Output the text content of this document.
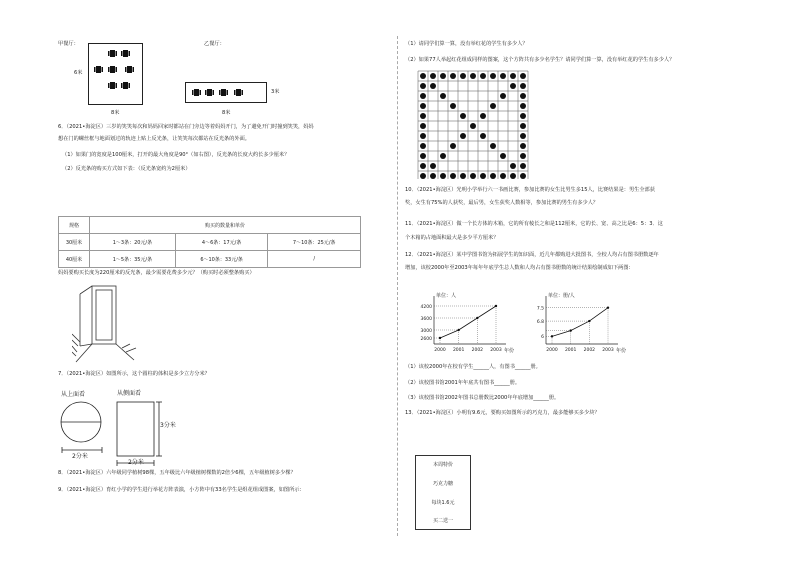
甲餐厅：	乙餐厅：
6米
8米
3米
8米
6．（2021•海淀区）三岁的笑笑每次和妈妈回家时都站在门旁边等着妈妈开门，为了避免开门时撞到笑笑，妈妈
想在门的螺丝框与地面划过的轨迹上贴上反光条，让笑笑每次都站在反光条的外面。
（1）如果门的宽度是100厘米，打开的最大角度是90°（如右图），反光条的长度大约长多少厘米？
（2）反光条的购买方式如下表：（反光条宽约为2厘米）
规格	购买的数量和单价		
30厘米	1～3条：20元/条	4～6条：17元/条	7～10条：25元/条
40厘米	1～5条：35元/条	6～10条：33元/条	/
妈妈要购买长度为220厘米的反光条，最少需要花费多少元？（购买时必须整条购买）
7．（2021•海淀区）如图所示，这个圆柱的体积是多少立方分米？
从上面看	从侧面看
3分米
2分米
2分米
8．（2021•海淀区）六年级同学植树98棵，五年级比六年级植树棵数的2倍少6棵，五年级植树多少棵？
9．（2021•海淀区）育红小学的学生进行举花方阵表演，小方阵中有33名学生是组花组成图案，如图所示：
（1）请同学们算一算，没有举红花的学生有多少人？
（2）如果77人举起红花组成同样的图案，这个方阵共有多少名学生？请同学们算一算，没有举红花的学生有多少人？
10．（2021•海淀区）光明小学举行六一书画比赛，参加比赛的女生比男生多15人，比赛结果是：男生全部获
奖，女生有75%的人获奖，最后男，女生获奖人数相等，参加比赛的男生有多少人？
11．（2021•海淀区）做一个长方体的木箱，它的所有棱长之和是112厘米，它的长、宽、高之比是6：5：3．这
个木箱的占地面积最大是多少平方厘米？
12．（2021•海淀区）某中学图书馆为拓展学生的知识面，近几年都购进大批图书，全校人均占有图书册数逐年
增加，该校2000年至2003年每年年底学生总人数和人均占有图书册数的统计结果绘制成如下两图：
单位：人
年份
2600
3000
3600
4200
2000 2001 2002 2003
单位：册/人
年份
6
6.8
7.5
2000 2001 2002 2003
（1）该校2000年在校有学生______人，有图书______册。
（2）该校图书馆2001年年底共有图书______册。
（3）该校图书馆2002年图书总册数比2000年年底增加______册。
13．（2021•海淀区）小明有9.6元，要购买如图所示的巧克力，最多能够买多少块？
本周特价
巧克力糖
每块1.6元
买二送一
